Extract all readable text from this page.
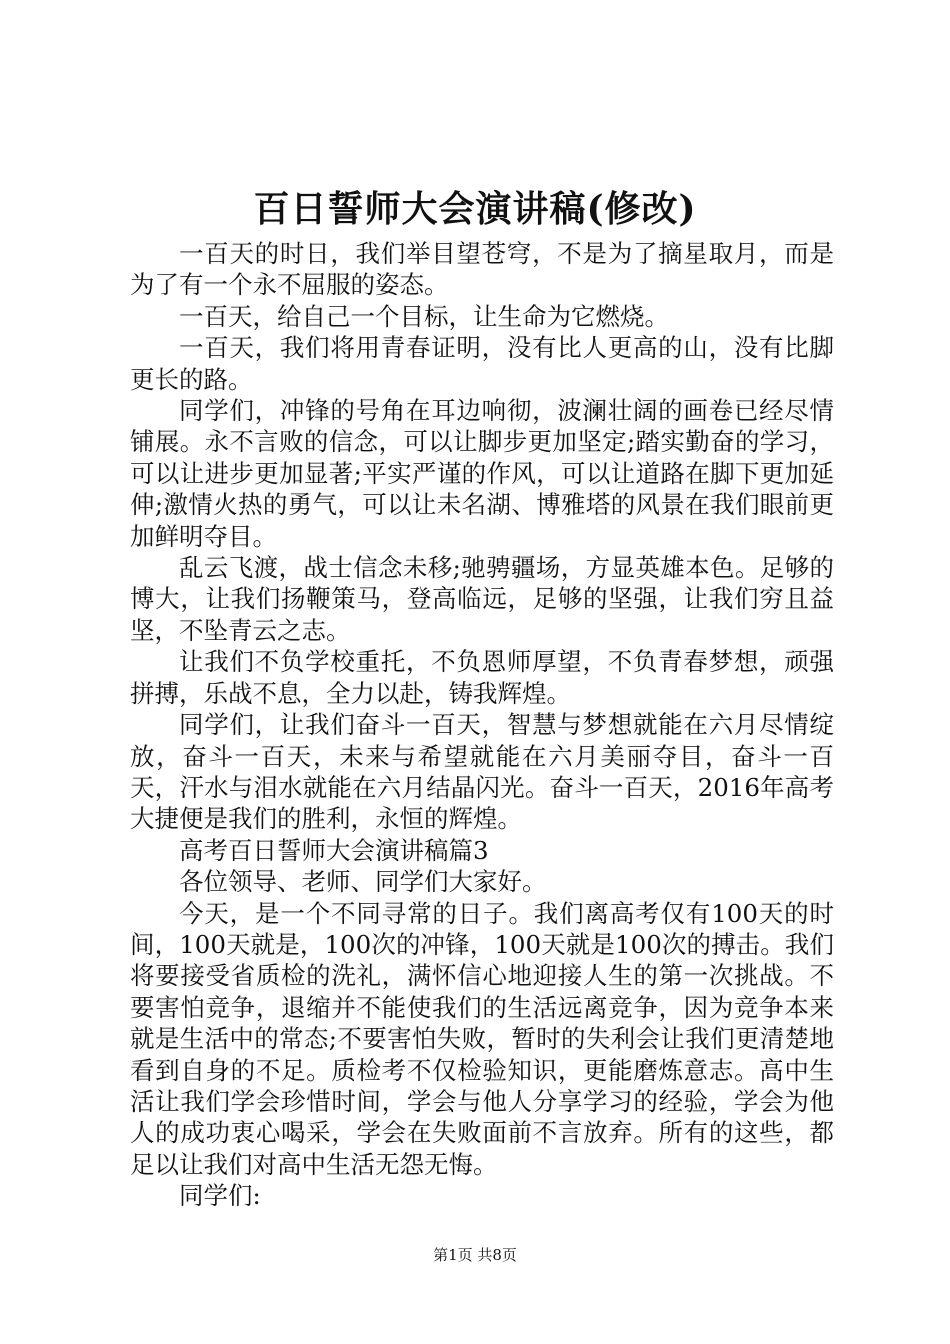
百日誓师大会演讲稿(修改)

一百天的时日，我们举目望苍穹，不是为了摘星取月，而是为了有一个永不屈服的姿态。

一百天，给自己一个目标，让生命为它燃烧。

一百天，我们将用青春证明，没有比人更高的山，没有比脚更长的路。

同学们，冲锋的号角在耳边响彻，波澜壮阔的画卷已经尽情铺展。永不言败的信念，可以让脚步更加坚定;踏实勤奋的学习，可以让进步更加显著;平实严谨的作风，可以让道路在脚下更加延伸;激情火热的勇气，可以让未名湖、博雅塔的风景在我们眼前更加鲜明夺目。

乱云飞渡，战士信念未移;驰骋疆场，方显英雄本色。足够的博大，让我们扬鞭策马，登高临远，足够的坚强，让我们穷且益坚，不坠青云之志。

让我们不负学校重托，不负恩师厚望，不负青春梦想，顽强拼搏，乐战不息，全力以赴，铸我辉煌。

同学们，让我们奋斗一百天，智慧与梦想就能在六月尽情绽放，奋斗一百天，未来与希望就能在六月美丽夺目，奋斗一百天，汗水与泪水就能在六月结晶闪光。奋斗一百天，2016年高考大捷便是我们的胜利，永恒的辉煌。

高考百日誓师大会演讲稿篇3

各位领导、老师、同学们大家好。

今天，是一个不同寻常的日子。我们离高考仅有100天的时间，100天就是，100次的冲锋，100天就是100次的搏击。我们将要接受省质检的洗礼，满怀信心地迎接人生的第一次挑战。不要害怕竞争，退缩并不能使我们的生活远离竞争，因为竞争本来就是生活中的常态;不要害怕失败，暂时的失利会让我们更清楚地看到自身的不足。质检考不仅检验知识，更能磨炼意志。高中生活让我们学会珍惜时间，学会与他人分享学习的经验，学会为他人的成功衷心喝采，学会在失败面前不言放弃。所有的这些，都足以让我们对高中生活无怨无悔。

同学们:

第1页 共8页
